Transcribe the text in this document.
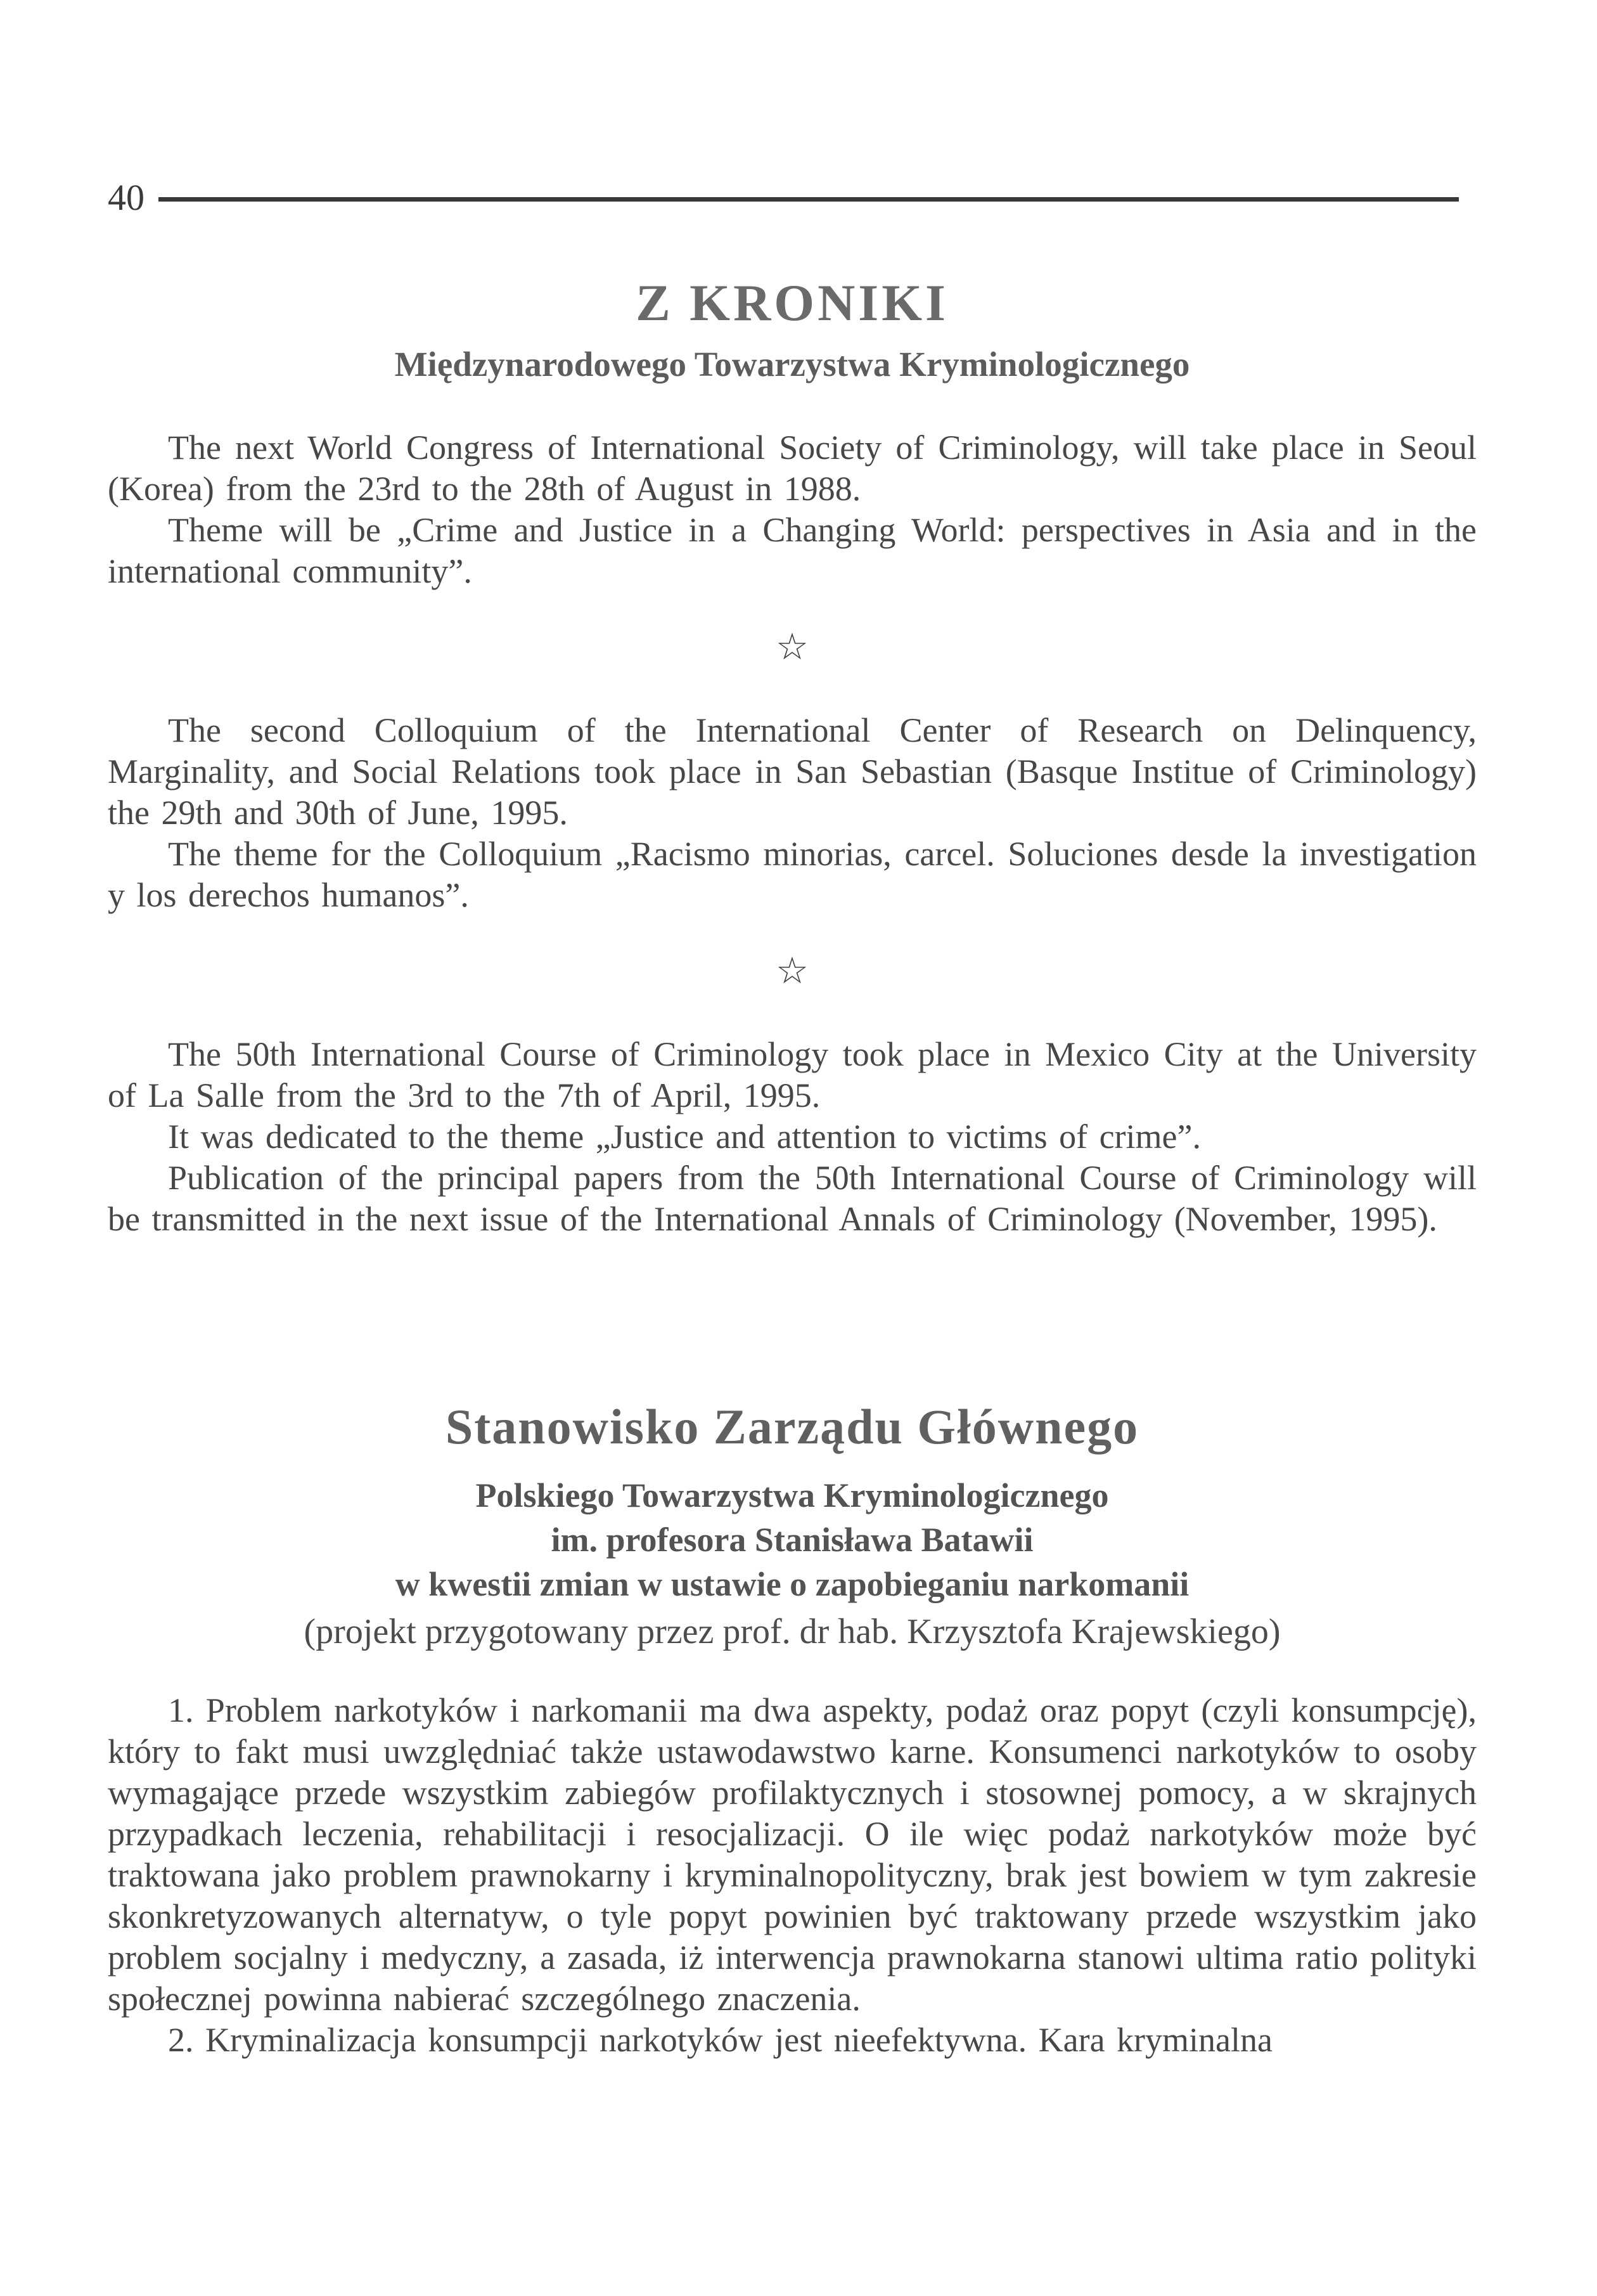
40
Z KRONIKI
Międzynarodowego Towarzystwa Kryminologicznego

The next World Congress of International Society of Criminology, will take place in Seoul (Korea) from the 23rd to the 28th of August in 1988.

Theme will be „Crime and Justice in a Changing World: perspectives in Asia and in the international community”.

☆

The second Colloquium of the International Center of Research on Delinquency, Marginality, and Social Relations took place in San Sebastian (Basque Institue of Criminology) the 29th and 30th of June, 1995.

The theme for the Colloquium „Racismo minorias, carcel. Soluciones desde la investigation y los derechos humanos”.

☆

The 50th International Course of Criminology took place in Mexico City at the University of La Salle from the 3rd to the 7th of April, 1995.

It was dedicated to the theme „Justice and attention to victims of crime”.

Publication of the principal papers from the 50th International Course of Criminology will be transmitted in the next issue of the International Annals of Criminology (November, 1995).

Stanowisko Zarządu Głównego
Polskiego Towarzystwa Kryminologicznego
im. profesora Stanisława Batawii
w kwestii zmian w ustawie o zapobieganiu narkomanii
(projekt przygotowany przez prof. dr hab. Krzysztofa Krajewskiego)

1. Problem narkotyków i narkomanii ma dwa aspekty, podaż oraz popyt (czyli konsumpcję), który to fakt musi uwzględniać także ustawodawstwo karne. Konsumenci narkotyków to osoby wymagające przede wszystkim zabiegów profilaktycznych i stosownej pomocy, a w skrajnych przypadkach leczenia, rehabilitacji i resocjalizacji. O ile więc podaż narkotyków może być traktowana jako problem prawnokarny i kryminalnopolityczny, brak jest bowiem w tym zakresie skonkretyzowanych alternatyw, o tyle popyt powinien być traktowany przede wszystkim jako problem socjalny i medyczny, a zasada, iż interwencja prawnokarna stanowi ultima ratio polityki społecznej powinna nabierać szczególnego znaczenia.

2. Kryminalizacja konsumpcji narkotyków jest nieefektywna. Kara kryminalna
